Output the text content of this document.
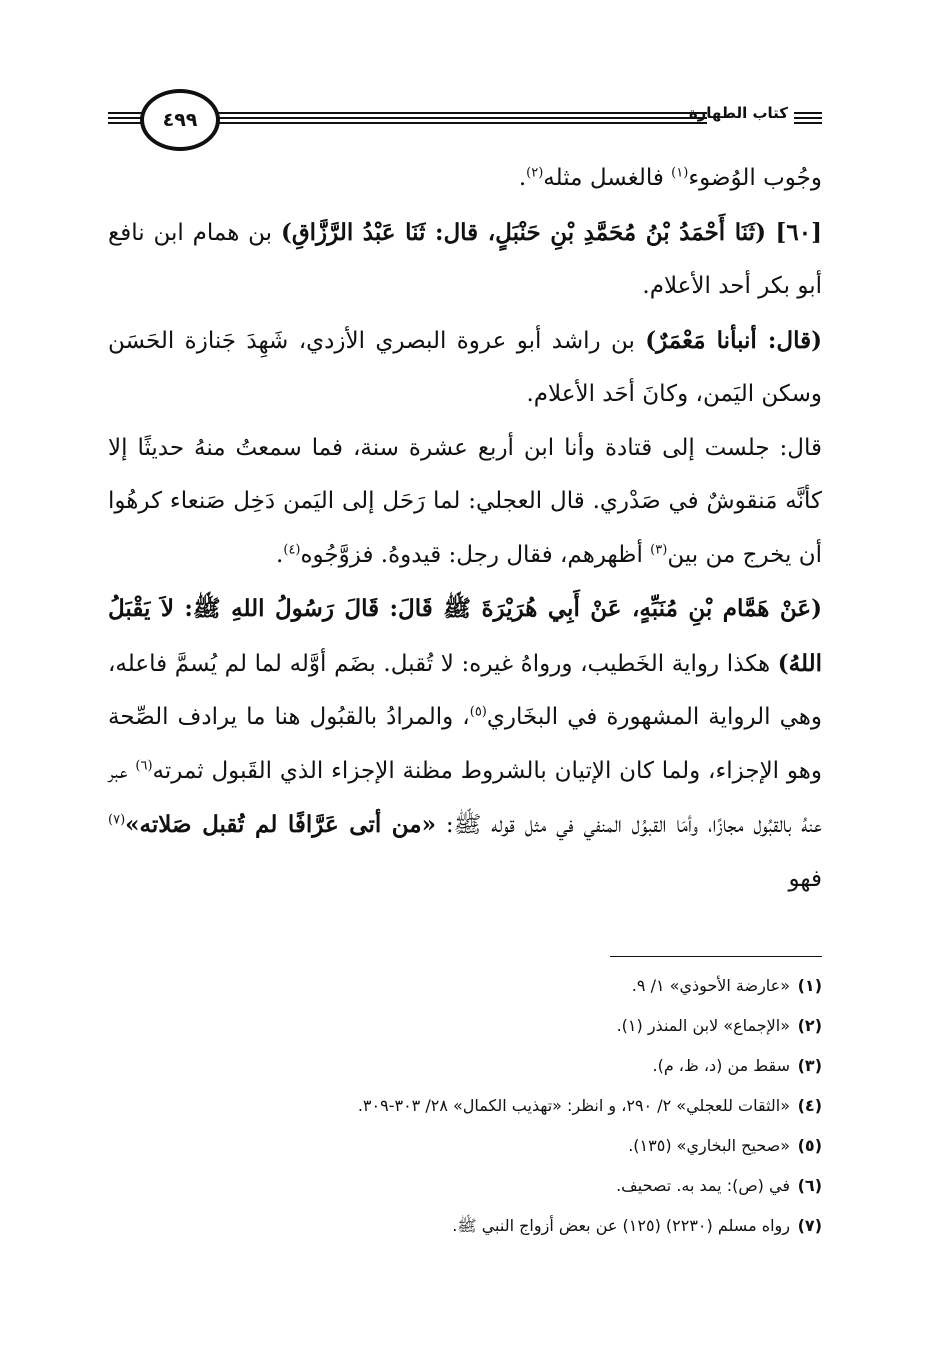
كتاب الطهارة
٤٩٩

وجُوب الوُضوء$^{(١)}$ فالغسل مثله$^{(٢)}$.

[٦٠] (ثَنَا أَحْمَدُ بْنُ مُحَمَّدِ بْنِ حَنْبَلٍ، قال: ثَنَا عَبْدُ الرَّزَّاقِ) بن همام ابن نافع أبو بكر أحد الأعلام.

(قال: أنبأنا مَعْمَرٌ) بن راشد أبو عروة البصري الأزدي، شَهِدَ جَنازة الحَسَن وسكن اليَمن، وكانَ أحَد الأعلام.

قال: جلست إلى قتادة وأنا ابن أربع عشرة سنة، فما سمعتُ منهُ حديثًا إلا كأنَّه مَنقوشٌ في صَدْري. قال العجلي: لما رَحَل إلى اليَمن دَخِل صَنعاء كرهُوا أن يخرج من بين$^{(٣)}$ أظهرهم، فقال رجل: قيدوهُ. فزوَّجُوه$^{(٤)}$.

(عَنْ هَمَّام بْنِ مُنَبِّهٍ، عَنْ أَبِي هُرَيْرَةَ ﷺ قَالَ: قَالَ رَسُولُ اللهِ ﷺ: لاَ يَقْبَلُ اللهُ) هكذا رواية الخَطيب، ورواهُ غيره: لا تُقبل. بضَم أوَّله لما لم يُسمَّ فاعله، وهي الرواية المشهورة في البخَاري$^{(٥)}$، والمرادُ بالقبُول هنا ما يرادف الصِّحة وهو الإجزاء، ولما كان الإتيان بالشروط مظنة الإجزاء الذي القَبول ثمرته$^{(٦)}$ عبر عنهُ بالقبُول مجازًا، وأمَا القبوُل المنفي في مثل قوله ﷺ: «من أتى عَرَّافًا لم تُقبل صَلاته»$^{(٧)}$ فهو

(١)«عارضة الأحوذي» ١/ ٩.
(٢)«الإجماع» لابن المنذر (١).
(٣)سقط من (د، ظ، م).
(٤)«الثقات للعجلي» ٢/ ٢٩٠، و انظر: «تهذيب الكمال» ٢٨/ ٣٠٣-٣٠٩.
(٥)«صحيح البخاري» (١٣٥).
(٦)في (ص): يمد به. تصحيف.
(٧)رواه مسلم (٢٢٣٠) (١٢٥) عن بعض أزواج النبي ﷺ.
